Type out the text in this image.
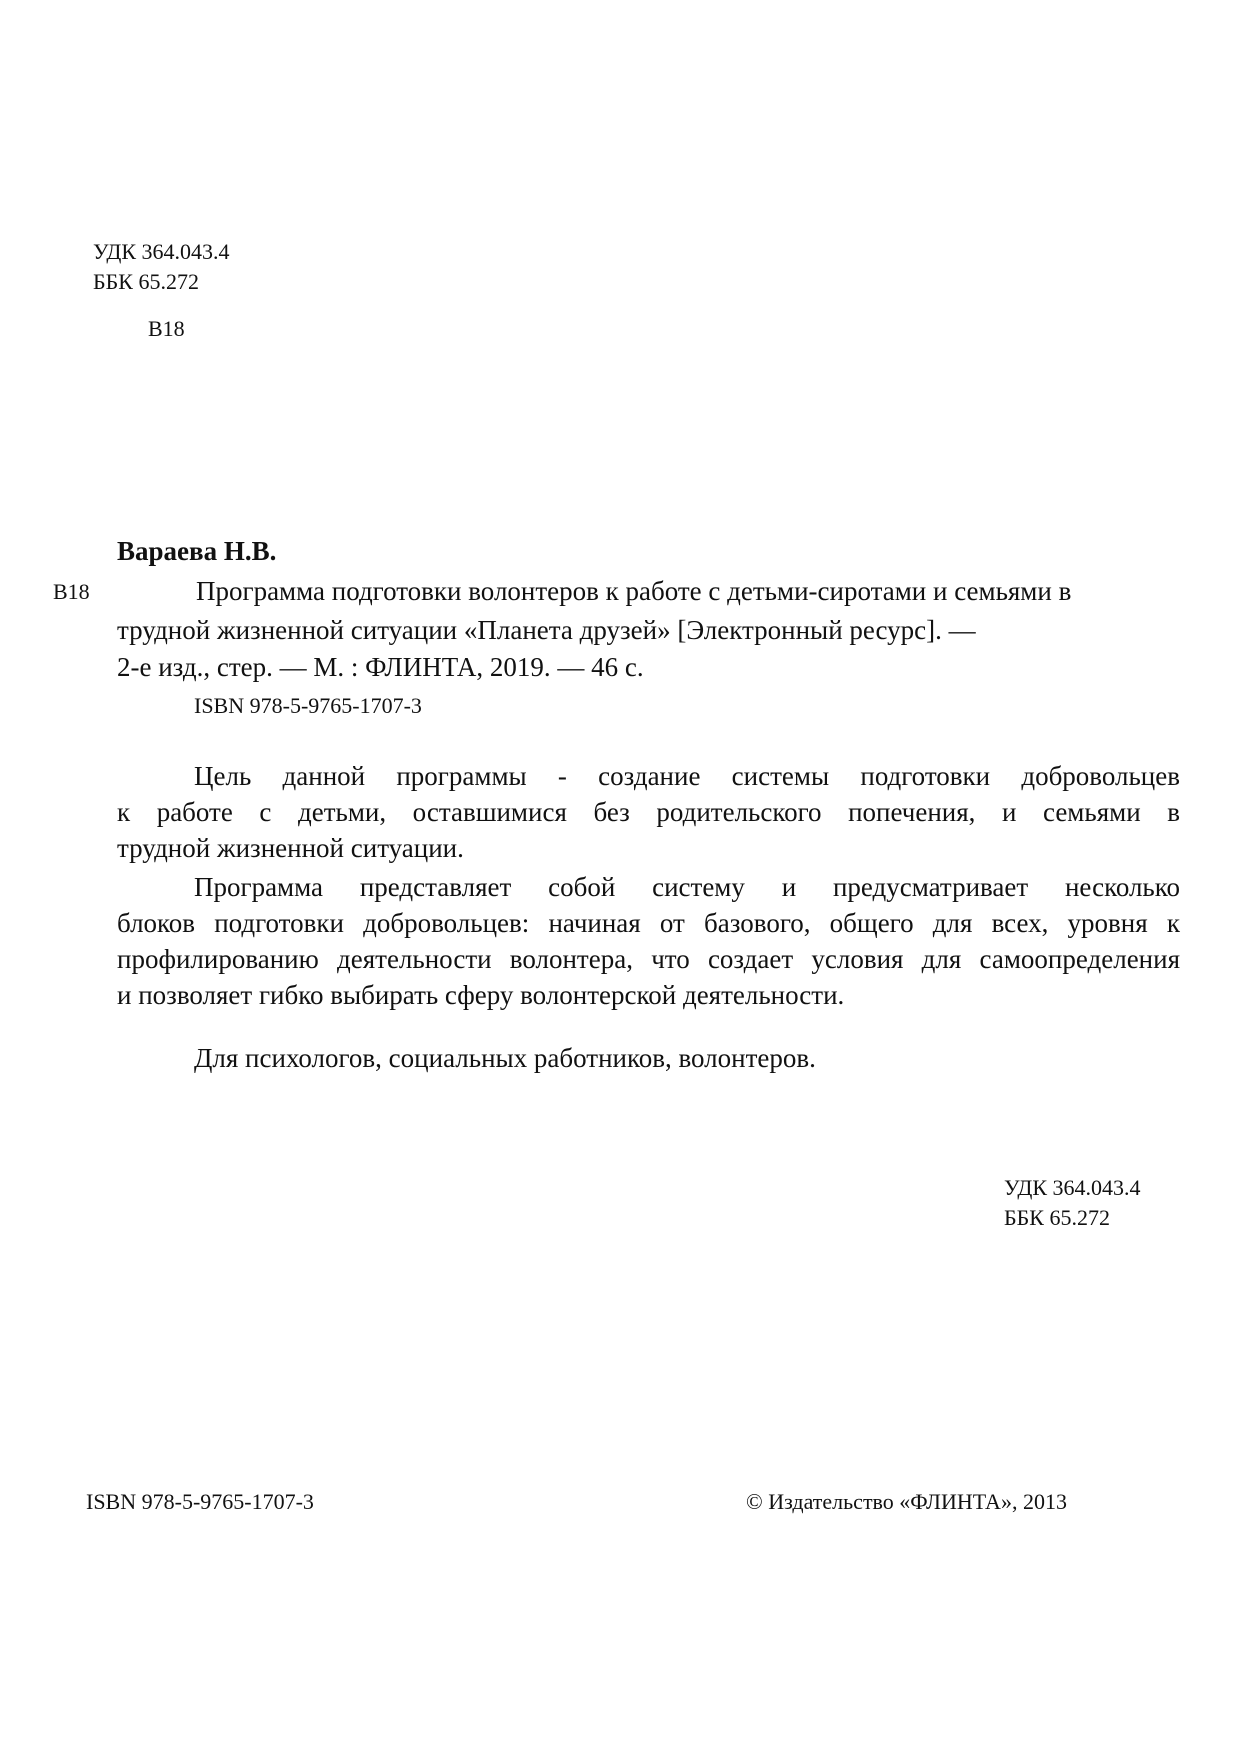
УДК 364.043.4
ББК 65.272
В18
Вараева Н.В.
В18	Программа подготовки волонтеров к работе с детьми-сиротами и семьями в
трудной жизненной ситуации «Планета друзей» [Электронный ресурс]. —
2-е изд., стер. — М. : ФЛИНТА, 2019. — 46 с.
ISBN 978-5-9765-1707-3
Цель данной программы - создание системы подготовки добровольцев
к работе с детьми, оставшимися без родительского попечения, и семьями в
трудной жизненной ситуации.
Программа представляет собой систему и предусматривает несколько
блоков подготовки добровольцев: начиная от базового, общего для всех, уровня к
профилированию деятельности волонтера, что создает условия для самоопределения
и позволяет гибко выбирать сферу волонтерской деятельности.
Для психологов, социальных работников, волонтеров.
УДК 364.043.4
ББК 65.272
ISBN 978-5-9765-1707-3	© Издательство «ФЛИНТА», 2013
